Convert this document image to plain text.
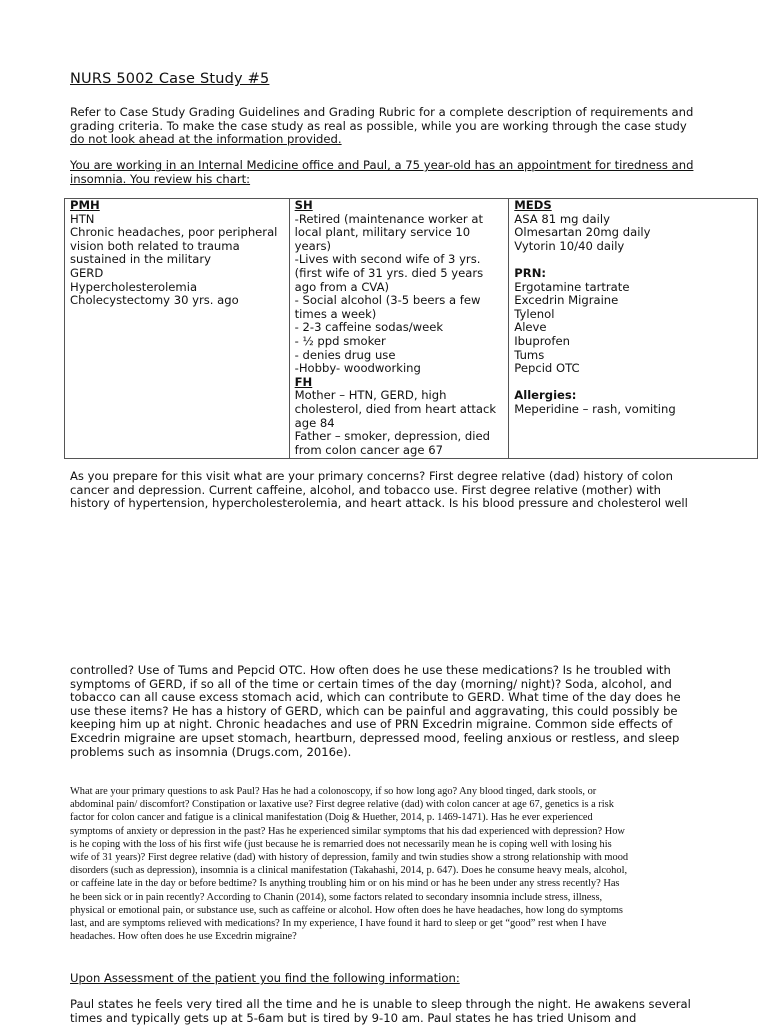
NURS 5002 Case Study #5
Refer to Case Study Grading Guidelines and Grading Rubric for a complete description of requirements and
grading criteria. To make the case study as real as possible, while you are working through the case study
do not look ahead at the information provided.
You are working in an Internal Medicine office and Paul, a 75 year-old has an appointment for tiredness and
insomnia. You review his chart:
PMH
HTN
Chronic headaches, poor peripheral
vision both related to trauma
sustained in the military
GERD
Hypercholesterolemia
Cholecystectomy 30 yrs. ago

SH
-Retired (maintenance worker at
local plant, military service 10
years)
-Lives with second wife of 3 yrs.
(first wife of 31 yrs. died 5 years
ago from a CVA)
- Social alcohol (3-5 beers a few
times a week)
- 2-3 caffeine sodas/week
- ½ ppd smoker
- denies drug use
-Hobby- woodworking
FH
Mother – HTN, GERD, high
cholesterol, died from heart attack
age 84
Father – smoker, depression, died
from colon cancer age 67

MEDS
ASA 81 mg daily
Olmesartan 20mg daily
Vytorin 10/40 daily
PRN:
Ergotamine tartrate
Excedrin Migraine
Tylenol
Aleve
Ibuprofen
Tums
Pepcid OTC
Allergies:
Meperidine – rash, vomiting
As you prepare for this visit what are your primary concerns? First degree relative (dad) history of colon
cancer and depression. Current caffeine, alcohol, and tobacco use. First degree relative (mother) with
history of hypertension, hypercholesterolemia, and heart attack. Is his blood pressure and cholesterol well
controlled? Use of Tums and Pepcid OTC. How often does he use these medications? Is he troubled with
symptoms of GERD, if so all of the time or certain times of the day (morning/ night)? Soda, alcohol, and
tobacco can all cause excess stomach acid, which can contribute to GERD. What time of the day does he
use these items? He has a history of GERD, which can be painful and aggravating, this could possibly be
keeping him up at night. Chronic headaches and use of PRN Excedrin migraine. Common side effects of
Excedrin migraine are upset stomach, heartburn, depressed mood, feeling anxious or restless, and sleep
problems such as insomnia (Drugs.com, 2016e).
What are your primary questions to ask Paul? Has he had a colonoscopy, if so how long ago? Any blood tinged, dark stools, or
abdominal pain/ discomfort? Constipation or laxative use? First degree relative (dad) with colon cancer at age 67, genetics is a risk
factor for colon cancer and fatigue is a clinical manifestation (Doig & Huether, 2014, p. 1469-1471). Has he ever experienced
symptoms of anxiety or depression in the past? Has he experienced similar symptoms that his dad experienced with depression? How
is he coping with the loss of his first wife (just because he is remarried does not necessarily mean he is coping well with losing his
wife of 31 years)? First degree relative (dad) with history of depression, family and twin studies show a strong relationship with mood
disorders (such as depression), insomnia is a clinical manifestation (Takahashi, 2014, p. 647). Does he consume heavy meals, alcohol,
or caffeine late in the day or before bedtime? Is anything troubling him or on his mind or has he been under any stress recently? Has
he been sick or in pain recently? According to Chanin (2014), some factors related to secondary insomnia include stress, illness,
physical or emotional pain, or substance use, such as caffeine or alcohol. How often does he have headaches, how long do symptoms
last, and are symptoms relieved with medications? In my experience, I have found it hard to sleep or get “good” rest when I have
headaches. How often does he use Excedrin migraine?
Upon Assessment of the patient you find the following information:
Paul states he feels very tired all the time and he is unable to sleep through the night. He awakens several
times and typically gets up at 5-6am but is tired by 9-10 am. Paul states he has tried Unisom and
